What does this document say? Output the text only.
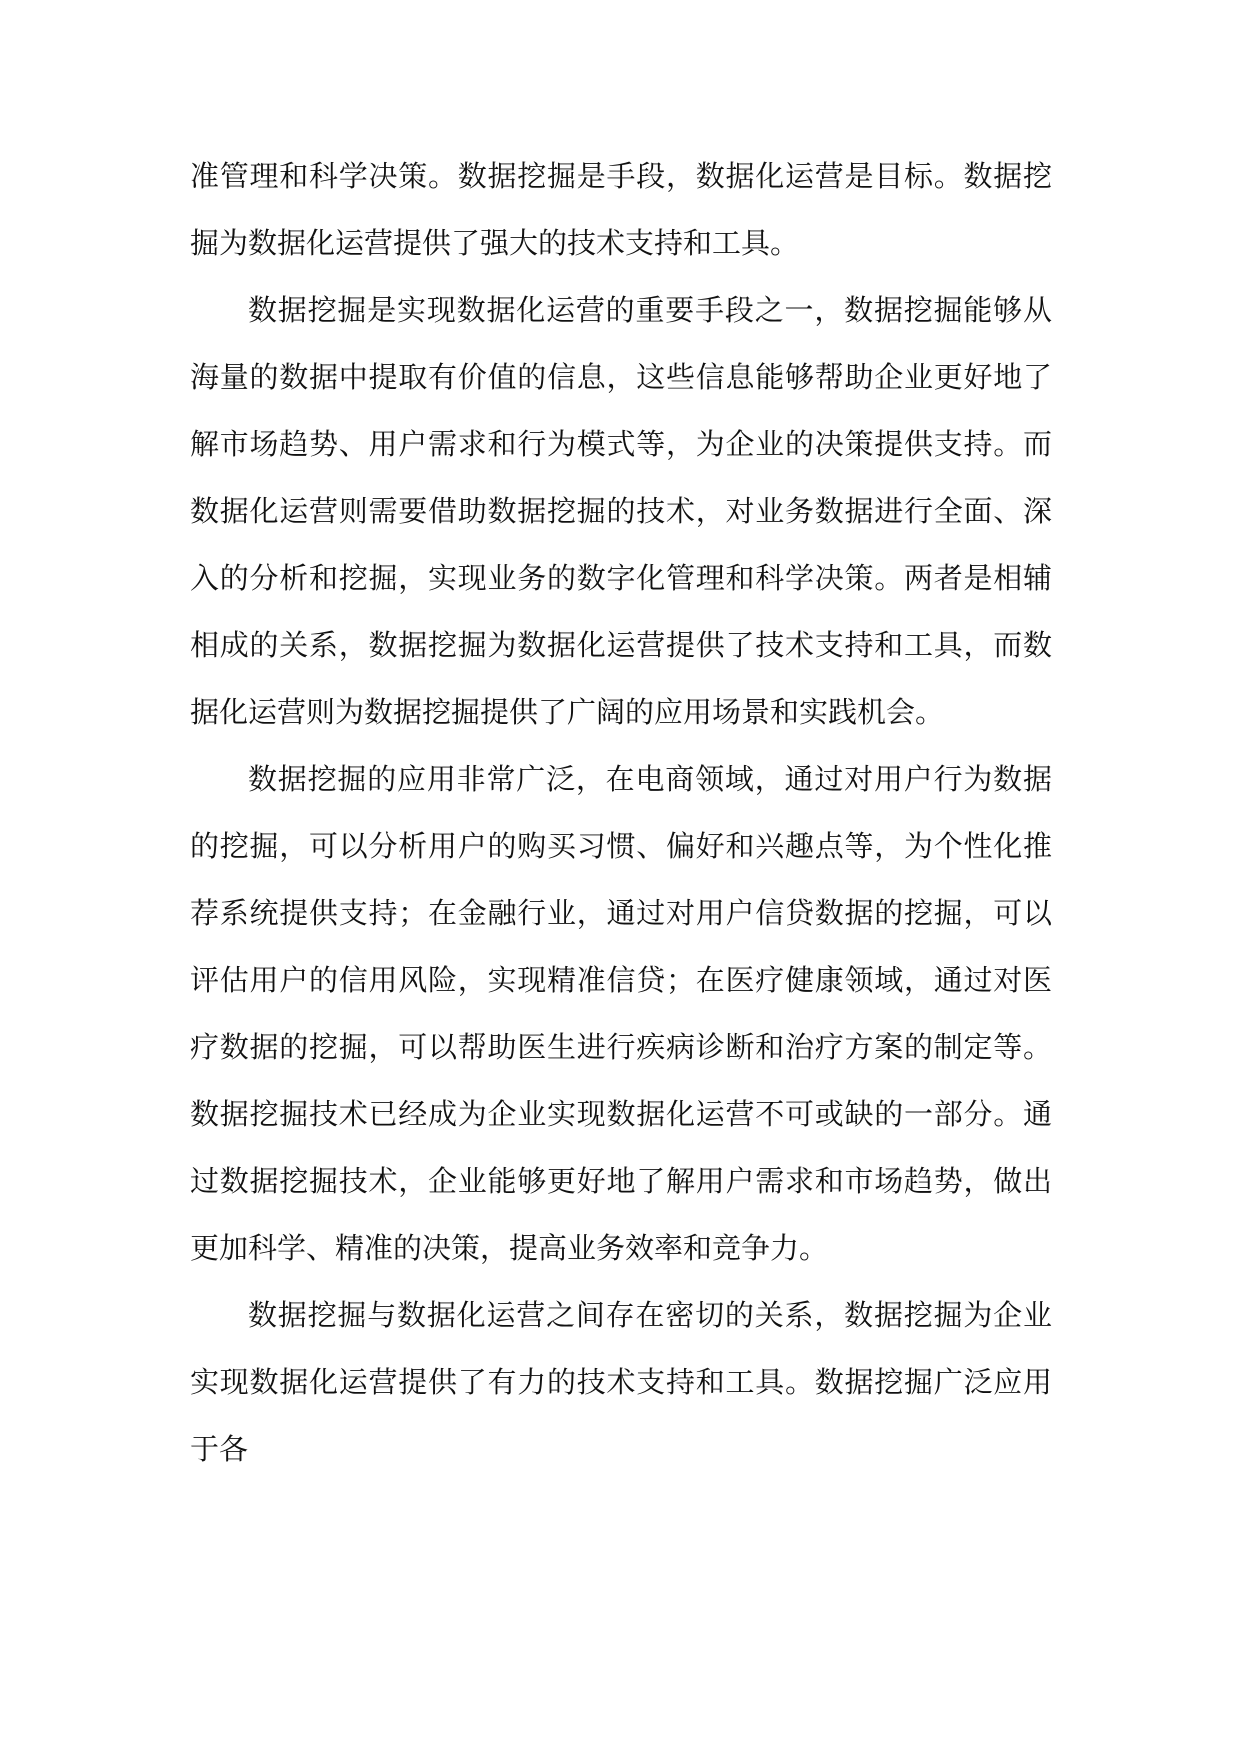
准管理和科学决策。数据挖掘是手段，数据化运营是目标。数据挖掘为数据化运营提供了强大的技术支持和工具。

数据挖掘是实现数据化运营的重要手段之一，数据挖掘能够从海量的数据中提取有价值的信息，这些信息能够帮助企业更好地了解市场趋势、用户需求和行为模式等，为企业的决策提供支持。而数据化运营则需要借助数据挖掘的技术，对业务数据进行全面、深入的分析和挖掘，实现业务的数字化管理和科学决策。两者是相辅相成的关系，数据挖掘为数据化运营提供了技术支持和工具，而数据化运营则为数据挖掘提供了广阔的应用场景和实践机会。

数据挖掘的应用非常广泛，在电商领域，通过对用户行为数据的挖掘，可以分析用户的购买习惯、偏好和兴趣点等，为个性化推荐系统提供支持；在金融行业，通过对用户信贷数据的挖掘，可以评估用户的信用风险，实现精准信贷；在医疗健康领域，通过对医疗数据的挖掘，可以帮助医生进行疾病诊断和治疗方案的制定等。数据挖掘技术已经成为企业实现数据化运营不可或缺的一部分。通过数据挖掘技术，企业能够更好地了解用户需求和市场趋势，做出更加科学、精准的决策，提高业务效率和竞争力。

数据挖掘与数据化运营之间存在密切的关系，数据挖掘为企业实现数据化运营提供了有力的技术支持和工具。数据挖掘广泛应用于各
